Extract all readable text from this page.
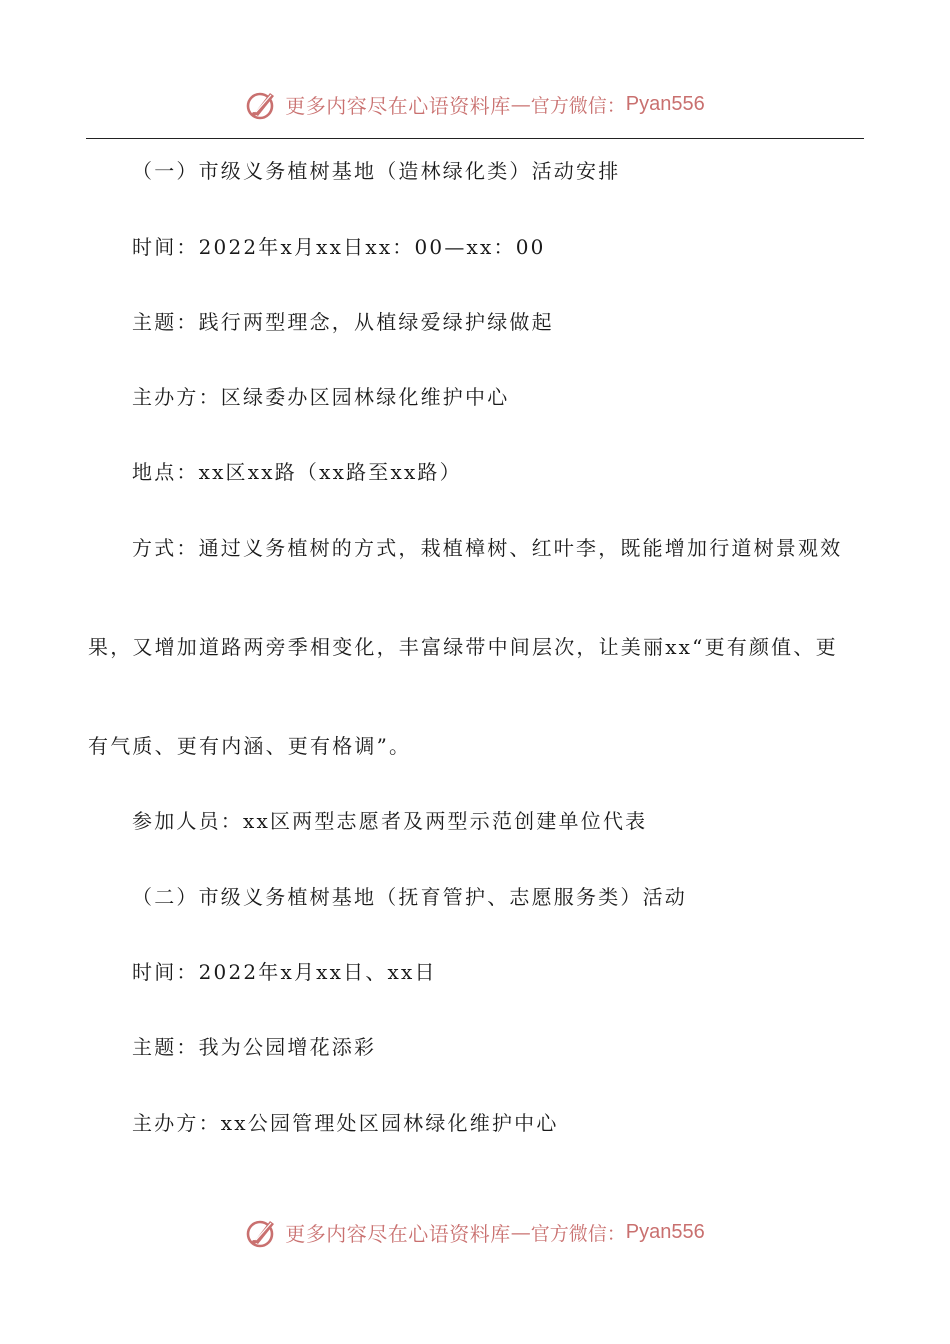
更多内容尽在心语资料库 — 官方微信： Pyan556
（一）市级义务植树基地（造林绿化类）活动安排
时间：2022年x月xx日xx：00—xx：00
主题：践行两型理念，从植绿爱绿护绿做起
主办方：区绿委办区园林绿化维护中心
地点：xx区xx路（xx路至xx路）
方式：通过义务植树的方式，栽植樟树、红叶李，既能增加行道树景观效
果，又增加道路两旁季相变化，丰富绿带中间层次，让美丽xx“更有颜值、更
有气质、更有内涵、更有格调”。
参加人员：xx区两型志愿者及两型示范创建单位代表
（二）市级义务植树基地（抚育管护、志愿服务类）活动
时间：2022年x月xx日、xx日
主题：我为公园增花添彩
主办方：xx公园管理处区园林绿化维护中心
更多内容尽在心语资料库 — 官方微信： Pyan556
